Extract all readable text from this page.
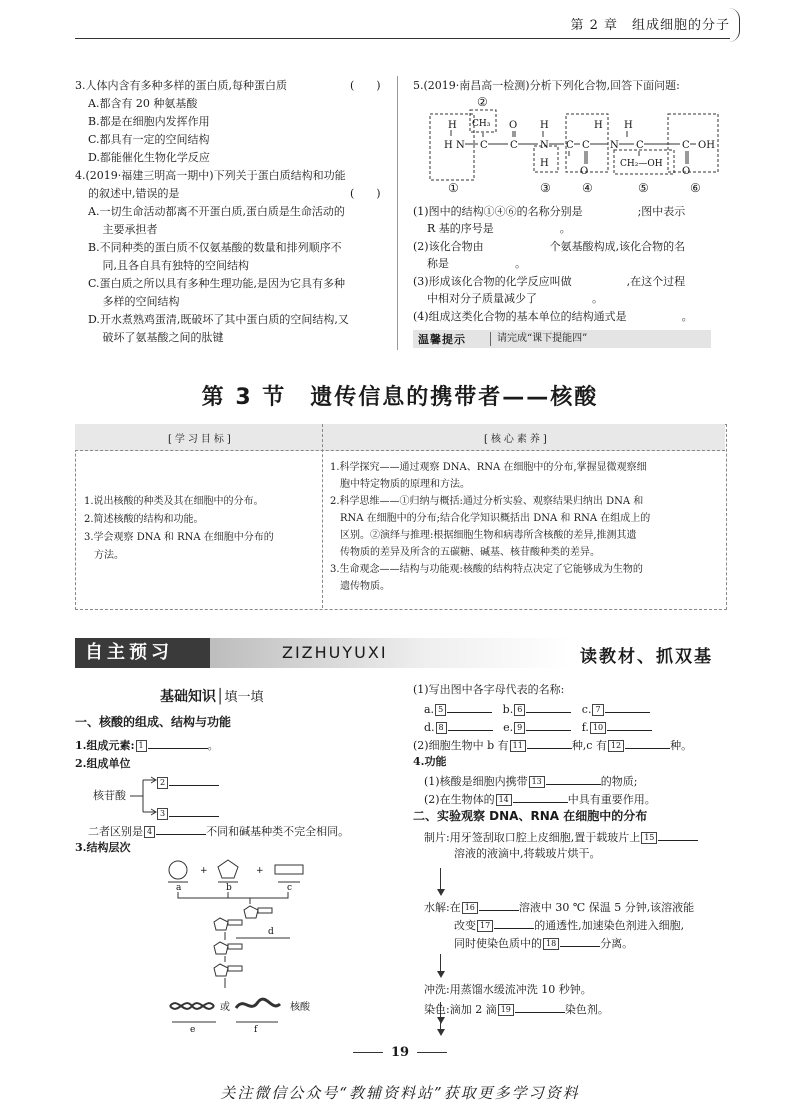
第 2 章　组成细胞的分子
3.人体内含有多种多样的蛋白质,每种蛋白质	(　　)
A.都含有 20 种氨基酸
B.都是在细胞内发挥作用
C.都具有一定的空间结构
D.都能催化生物化学反应
4.(2019·福建三明高一期中)下列关于蛋白质结构和功能
的叙述中,错误的是	(　　)
A.一切生命活动都离不开蛋白质,蛋白质是生命活动的
　 主要承担者
B.不同种类的蛋白质不仅氨基酸的数量和排列顺序不
　 同,且各自具有独特的空间结构
C.蛋白质之所以具有多种生理功能,是因为它具有多种
　 多样的空间结构
D.开水煮熟鸡蛋清,既破坏了其中蛋白质的空间结构,又
　 破坏了氨基酸之间的肽键
5.(2019·南昌高一检测)分析下列化合物,回答下面问题:
H CH₃ O H	H
O
H
H
O
N C C N C C N C	C OH
H	CH₂—OH
①
②
③	④	⑤	⑥
(1)图中的结构①④⑥的名称分别是　　　　　;图中表示
R 基的序号是　　　　　　。
(2)该化合物由　　　　　　个氨基酸构成,该化合物的名
称是　　　　　　。
(3)形成该化合物的化学反应叫做　　　　　,在这个过程
中相对分子质量减少了　　　　　。
(4)组成这类化合物的基本单位的结构通式是　　　　　。
温馨提示	请完成“课下提能四”
第 3 节　遗传信息的携带者——核酸
[学习目标]	[核心素养]
1.说出核酸的种类及其在细胞中的分布。
2.简述核酸的结构和功能。
3.学会观察 DNA 和 RNA 在细胞中分布的
　方法。
1.科学探究——通过观察 DNA、RNA 在细胞中的分布,掌握显微观察细
　胞中特定物质的原理和方法。
2.科学思维——①归纳与概括:通过分析实验、观察结果归纳出 DNA 和
　RNA 在细胞中的分布;结合化学知识概括出 DNA 和 RNA 在组成上的
　区别。②演绎与推理:根据细胞生物和病毒所含核酸的差异,推测其遗
　传物质的差异及所含的五碳糖、碱基、核苷酸种类的差异。
3.生命观念——结构与功能观:核酸的结构特点决定了它能够成为生物的
　遗传物质。
自主预习	ZIZHUYUXI	读教材、抓双基
基础知识│填一填
一、核酸的组成、结构与功能
1.组成元素: 1	。
2.组成单位
核苷酸
2
3
二者区别是 4	不同和碱基种类不完全相同。
3.结构层次
+	+
a	b	c
d
或	核酸
e	f
(1)写出图中各字母代表的名称:
a. 5	b. 6	c. 7
d. 8	e. 9	f. 10
(2)细胞生物中 b 有 11	种,c 有 12	种。
4.功能
(1)核酸是细胞内携带 13	的物质;
(2)在生物体的 14	中具有重要作用。
二、实验观察 DNA、RNA 在细胞中的分布
制片:用牙签刮取口腔上皮细胞,置于载玻片上 15
溶液的液滴中,将载玻片烘干。
水解:在 16	溶液中 30 ℃ 保温 5 分钟,该溶液能
改变 17	的通透性,加速染色剂进入细胞,
同时使染色质中的 18	分离。
冲洗:用蒸馏水缓流冲洗 10 秒钟。
染色:滴加 2 滴 19	染色剂。
19
关注微信公众号“教辅资料站”获取更多学习资料
